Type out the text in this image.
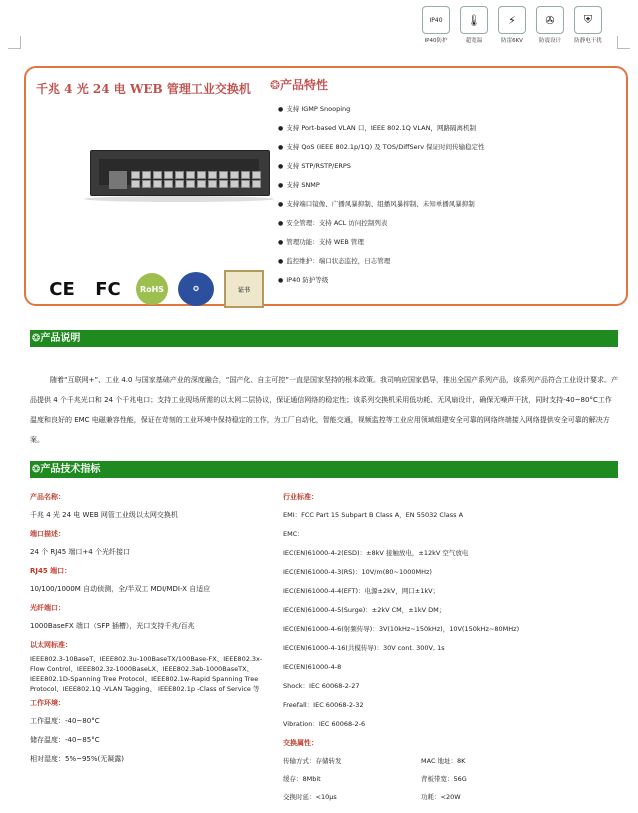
IP40
IP40防护
🌡
超宽温
⚡
防雷6KV
✇
防震设计
⛨
防静电干扰
千兆 4 光 24 电 WEB 管理工业交换机
CE FC	RoHS	✪	证书
❂产品特性
● 支持 IGMP Snooping
● 支持 Port-based VLAN 口，IEEE 802.1Q VLAN，网路隔离机制
● 支持 QoS (IEEE 802.1p/1Q) 及 TOS/DiffServ 保证时间传输稳定性
● 支持 STP/RSTP/ERPS
● 支持 SNMP
● 支持端口镜像、广播风暴抑制、组播风暴抑制、未知单播风暴抑制
● 安全管理：支持 ACL 访问控制列表
● 管理功能：支持 WEB 管理
● 监控维护：端口状态监控，日志管理
● IP40 防护等级
❂产品说明

随着“互联网+”、工业 4.0 与国家基础产业的深度融合，“国产化、自主可控”一直是国家坚持的根本政策。我司响应国家倡导，推出全国产系列产品，该系列产品符合工业设计要求。产品提供 4 个千兆光口和 24 个千兆电口；支持工业现场所需的以太网二层协议，保证通信网络的稳定性；该系列交换机采用低功耗、无风扇设计，确保无噪声干扰，同时支持-40~80°C工作温度和良好的 EMC 电磁兼容性能，保证在苛刻的工业环境中保持稳定的工作，为工厂自动化，智能交通，视频监控等工业应用领域组建安全可靠的网络终端接入网络提供安全可靠的解决方案。

❂产品技术指标
产品名称：
千兆 4 光 24 电 WEB 网管工业级以太网交换机
端口描述：
24 个 RJ45 端口+4 个光纤接口
RJ45 端口：
10/100/1000M 自动侦测，全/半双工 MDI/MDI-X 自适应
光纤端口：
1000BaseFX 端口（SFP 插槽），光口支持千兆/百兆
以太网标准：
IEEE802.3-10BaseT、IEEE802.3u-100BaseTX/100Base-FX、IEEE802.3x-Flow Control、IEEE802.3z-1000BaseLX、IEEE802.3ab-1000BaseTX、IEEE802.1D-Spanning Tree Protocol、IEEE802.1w-Rapid Spanning Tree Protocol、IEEE802.1Q -VLAN Tagging、 IEEE802.1p -Class of Service 等
工作环境：
工作温度：-40~80°C
储存温度：-40~85°C
相对湿度：5%~95%(无凝露)
行业标准：
EMI：FCC Part 15 Subpart B Class A，EN 55032 Class A
EMC：
IEC(EN)61000-4-2(ESD)：±8kV 接触放电，±12kV 空气放电
IEC(EN)61000-4-3(RS)：10V/m(80~1000MHz)
IEC(EN)61000-4-4(EFT)：电源±2kV，网口±1kV；
IEC(EN)61000-4-5(Surge)：±2kV CM，±1kV DM；
IEC(EN)61000-4-6(射频传导)：3V(10kHz~150kHz)，10V(150kHz~80MHz)
IEC(EN)61000-4-16(共模传导)：30V cont. 300V, 1s
IEC(EN)61000-4-8
Shock：IEC 60068-2-27
Freefall：IEC 60068-2-32
Vibration：IEC 60068-2-6
交换属性：
传输方式：存储转发	MAC 地址：8K
缓存：8Mbit	背板带宽：56G
交换时延：<10μs	功耗：<20W
